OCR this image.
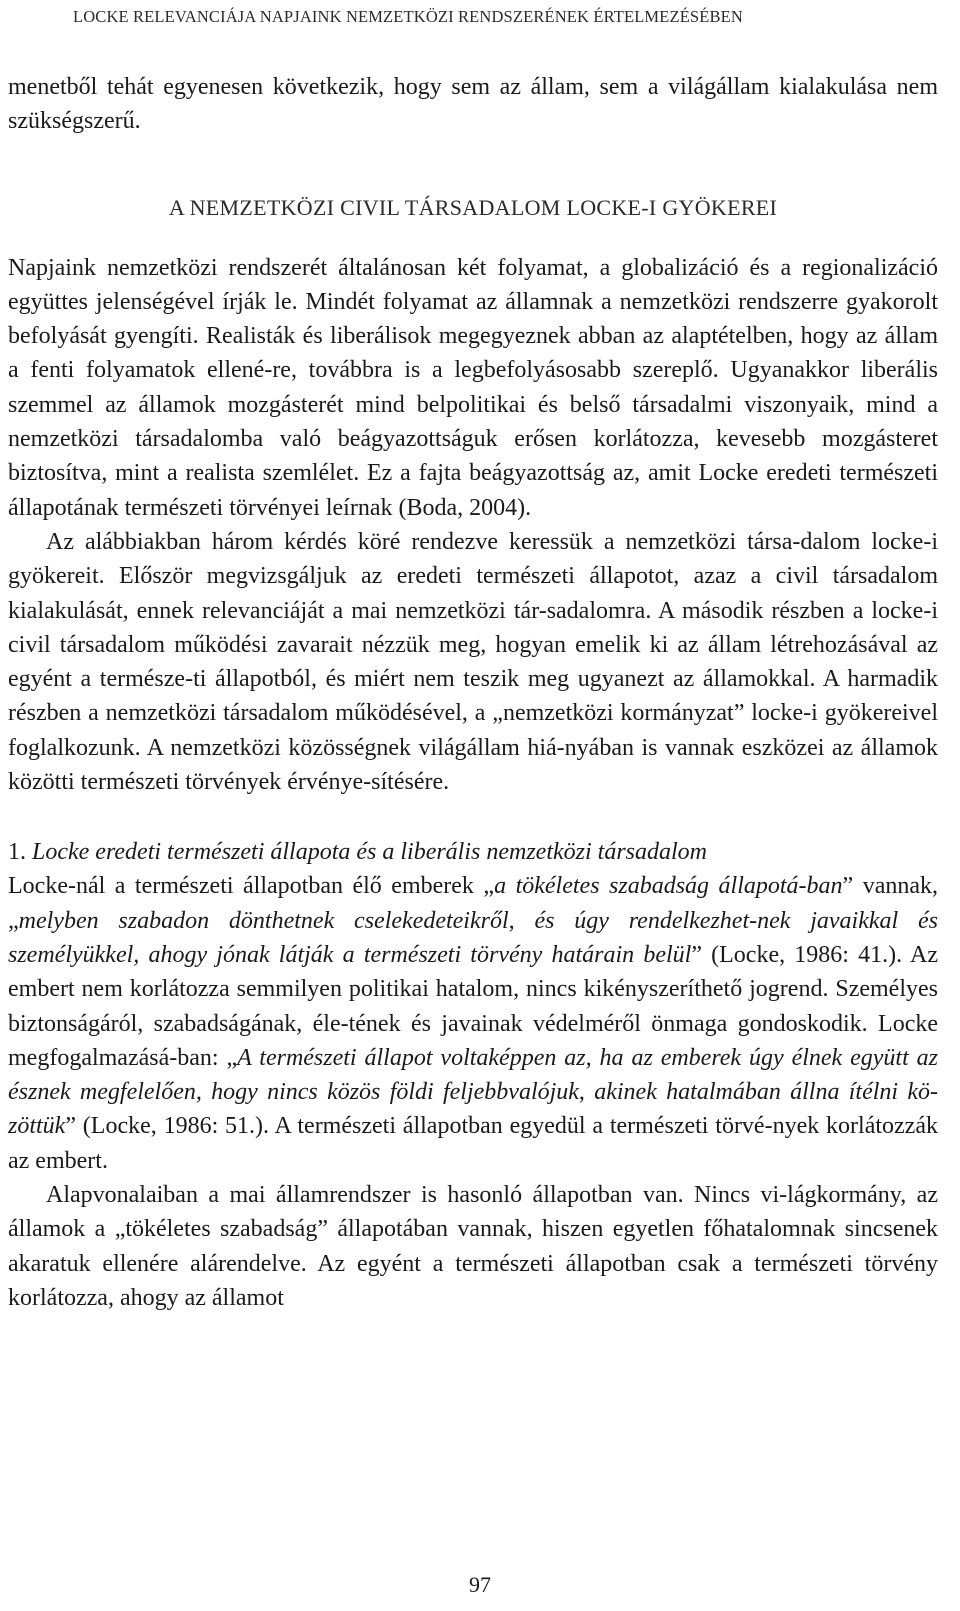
LOCKE RELEVANCIÁJA NAPJAINK NEMZETKÖZI RENDSZERÉNEK ÉRTELMEZÉSÉBEN

menetből tehát egyenesen következik, hogy sem az állam, sem a világállam kialakulása nem szükségszerű.

A NEMZETKÖZI CIVIL TÁRSADALOM LOCKE-I GYÖKEREI

Napjaink nemzetközi rendszerét általánosan két folyamat, a globalizáció és a regionalizáció együttes jelenségével írják le. Mindét folyamat az államnak a nemzetközi rendszerre gyakorolt befolyását gyengíti. Realisták és liberálisok megegyeznek abban az alaptételben, hogy az állam a fenti folyamatok ellené-re, továbbra is a legbefolyásosabb szereplő. Ugyanakkor liberális szemmel az államok mozgásterét mind belpolitikai és belső társadalmi viszonyaik, mind a nemzetközi társadalomba való beágyazottságuk erősen korlátozza, kevesebb mozgásteret biztosítva, mint a realista szemlélet. Ez a fajta beágyazottság az, amit Locke eredeti természeti állapotának természeti törvényei leírnak (Boda, 2004).

Az alábbiakban három kérdés köré rendezve keressük a nemzetközi társa-dalom locke-i gyökereit. Először megvizsgáljuk az eredeti természeti állapotot, azaz a civil társadalom kialakulását, ennek relevanciáját a mai nemzetközi tár-sadalomra. A második részben a locke-i civil társadalom működési zavarait nézzük meg, hogyan emelik ki az állam létrehozásával az egyént a természe-ti állapotból, és miért nem teszik meg ugyanezt az államokkal. A harmadik részben a nemzetközi társadalom működésével, a „nemzetközi kormányzat” locke-i gyökereivel foglalkozunk. A nemzetközi közösségnek világállam hiá-nyában is vannak eszközei az államok közötti természeti törvények érvénye-sítésére.

1. Locke eredeti természeti állapota és a liberális nemzetközi társadalom

Locke-nál a természeti állapotban élő emberek „a tökéletes szabadság állapotá-ban” vannak, „melyben szabadon dönthetnek cselekedeteikről, és úgy rendelkezhet-nek javaikkal és személyükkel, ahogy jónak látják a természeti törvény határain belül” (Locke, 1986: 41.). Az embert nem korlátozza semmilyen politikai hatalom, nincs kikényszeríthető jogrend. Személyes biztonságáról, szabadságának, éle-tének és javainak védelméről önmaga gondoskodik. Locke megfogalmazásá-ban: „A természeti állapot voltaképpen az, ha az emberek úgy élnek együtt az észnek megfelelően, hogy nincs közös földi feljebbvalójuk, akinek hatalmában állna ítélni kö-zöttük” (Locke, 1986: 51.). A természeti állapotban egyedül a természeti törvé-nyek korlátozzák az embert.

Alapvonalaiban a mai államrendszer is hasonló állapotban van. Nincs vi-lágkormány, az államok a „tökéletes szabadság” állapotában vannak, hiszen egyetlen főhatalomnak sincsenek akaratuk ellenére alárendelve. Az egyént a természeti állapotban csak a természeti törvény korlátozza, ahogy az államot

97
